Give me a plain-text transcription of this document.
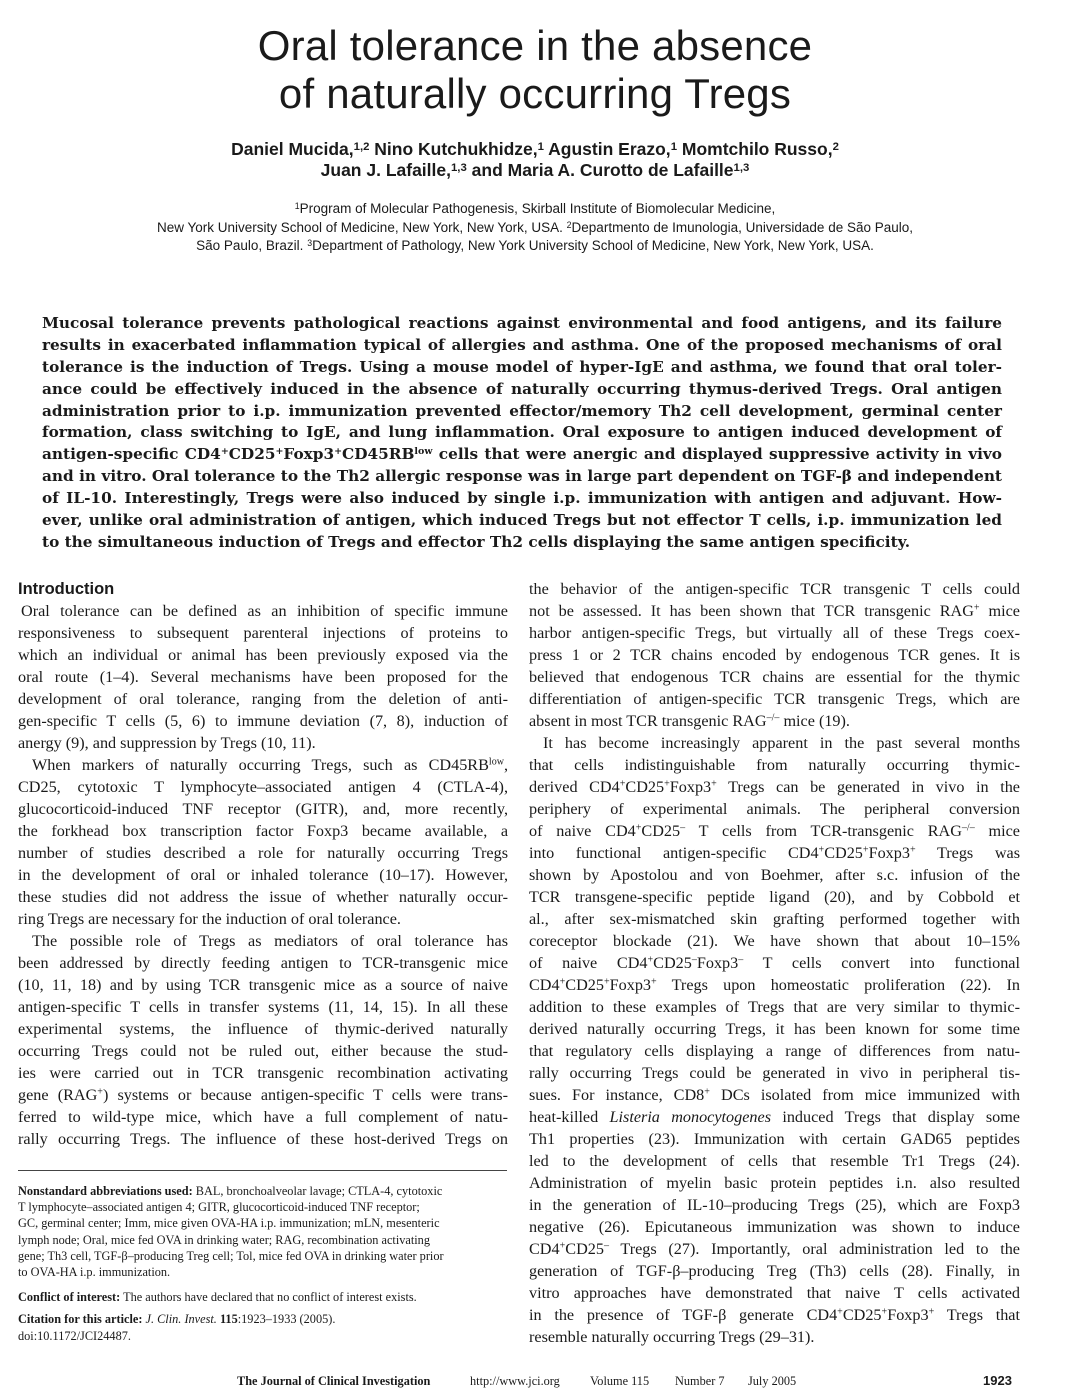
Oral tolerance in the absence
of naturally occurring Tregs
Daniel Mucida,$^{1,2}$ Nino Kutchukhidze,$^1$ Agustin Erazo,$^1$ Momtchilo Russo,$^2$
Juan J. Lafaille,$^{1,3}$ and Maria A. Curotto de Lafaille$^{1,3}$
$^1$Program of Molecular Pathogenesis, Skirball Institute of Biomolecular Medicine,
New York University School of Medicine, New York, New York, USA. $^2$Departmento de Imunologia, Universidade de São Paulo,
São Paulo, Brazil. $^3$Department of Pathology, New York University School of Medicine, New York, New York, USA.
Mucosal tolerance prevents pathological reactions against environmental and food antigens, and its failure
results in exacerbated inflammation typical of allergies and asthma. One of the proposed mechanisms of oral
tolerance is the induction of Tregs. Using a mouse model of hyper-IgE and asthma, we found that oral toler-
ance could be effectively induced in the absence of naturally occurring thymus-derived Tregs. Oral antigen
administration prior to i.p. immunization prevented effector/memory Th2 cell development, germinal center
formation, class switching to IgE, and lung inflammation. Oral exposure to antigen induced development of
antigen-specific $CD4^+CD25^+Foxp3^+CD45RB^{low}$ cells that were anergic and displayed suppressive activity in vivo
and in vitro. Oral tolerance to the Th2 allergic response was in large part dependent on TGF-β and independent
of IL-10. Interestingly, Tregs were also induced by single i.p. immunization with antigen and adjuvant. How-
ever, unlike oral administration of antigen, which induced Tregs but not effector T cells, i.p. immunization led
to the simultaneous induction of Tregs and effector Th2 cells displaying the same antigen specificity.
Introduction
Oral tolerance can be defined as an inhibition of specific immune
responsiveness to subsequent parenteral injections of proteins to
which an individual or animal has been previously exposed via the
oral route (1–4). Several mechanisms have been proposed for the
development of oral tolerance, ranging from the deletion of anti-
gen-specific T cells (5, 6) to immune deviation (7, 8), induction of
anergy (9), and suppression by Tregs (10, 11).
When markers of naturally occurring Tregs, such as $CD45RB^{low}$,
CD25, cytotoxic T lymphocyte–associated antigen 4 (CTLA-4),
glucocorticoid-induced TNF receptor (GITR), and, more recently,
the forkhead box transcription factor Foxp3 became available, a
number of studies described a role for naturally occurring Tregs
in the development of oral or inhaled tolerance (10–17). However,
these studies did not address the issue of whether naturally occur-
ring Tregs are necessary for the induction of oral tolerance.
The possible role of Tregs as mediators of oral tolerance has
been addressed by directly feeding antigen to TCR-transgenic mice
(10, 11, 18) and by using TCR transgenic mice as a source of naive
antigen-specific T cells in transfer systems (11, 14, 15). In all these
experimental systems, the influence of thymic-derived naturally
occurring Tregs could not be ruled out, either because the stud-
ies were carried out in TCR transgenic recombination activating
gene (RAG+) systems or because antigen-specific T cells were trans-
ferred to wild-type mice, which have a full complement of natu-
rally occurring Tregs. The influence of these host-derived Tregs on
Nonstandard abbreviations used: BAL, bronchoalveolar lavage; CTLA-4, cytotoxic
T lymphocyte–associated antigen 4; GITR, glucocorticoid-induced TNF receptor;
GC, germinal center; Imm, mice given OVA-HA i.p. immunization; mLN, mesenteric
lymph node; Oral, mice fed OVA in drinking water; RAG, recombination activating
gene; Th3 cell, TGF-β–producing Treg cell; Tol, mice fed OVA in drinking water prior
to OVA-HA i.p. immunization.
Conflict of interest: The authors have declared that no conflict of interest exists.
Citation for this article: J. Clin. Invest. 115:1923–1933 (2005).
doi:10.1172/JCI24487.
the behavior of the antigen-specific TCR transgenic T cells could
not be assessed. It has been shown that TCR transgenic RAG+ mice
harbor antigen-specific Tregs, but virtually all of these Tregs coex-
press 1 or 2 TCR chains encoded by endogenous TCR genes. It is
believed that endogenous TCR chains are essential for the thymic
differentiation of antigen-specific TCR transgenic Tregs, which are
absent in most TCR transgenic RAG–/– mice (19).
It has become increasingly apparent in the past several months
that cells indistinguishable from naturally occurring thymic-
derived CD4+CD25+Foxp3+ Tregs can be generated in vivo in the
periphery of experimental animals. The peripheral conversion
of naive CD4+CD25– T cells from TCR-transgenic RAG–/– mice
into functional antigen-specific CD4+CD25+Foxp3+ Tregs was
shown by Apostolou and von Boehmer, after s.c. infusion of the
TCR transgene-specific peptide ligand (20), and by Cobbold et
al., after sex-mismatched skin grafting performed together with
coreceptor blockade (21). We have shown that about 10–15%
of naive CD4+CD25–Foxp3– T cells convert into functional
CD4+CD25+Foxp3+ Tregs upon homeostatic proliferation (22). In
addition to these examples of Tregs that are very similar to thymic-
derived naturally occurring Tregs, it has been known for some time
that regulatory cells displaying a range of differences from natu-
rally occurring Tregs could be generated in vivo in peripheral tis-
sues. For instance, CD8+ DCs isolated from mice immunized with
heat-killed Listeria monocytogenes induced Tregs that display some
Th1 properties (23). Immunization with certain GAD65 peptides
led to the development of cells that resemble Tr1 Tregs (24).
Administration of myelin basic protein peptides i.n. also resulted
in the generation of IL-10–producing Tregs (25), which are Foxp3
negative (26). Epicutaneous immunization was shown to induce
CD4+CD25– Tregs (27). Importantly, oral administration led to the
generation of TGF-β–producing Treg (Th3) cells (28). Finally, in
vitro approaches have demonstrated that naive T cells activated
in the presence of TGF-β generate CD4+CD25+Foxp3+ Tregs that
resemble naturally occurring Tregs (29–31).
The Journal of Clinical Investigation	http://www.jci.org Volume 115 Number 7 July 2005	1923
